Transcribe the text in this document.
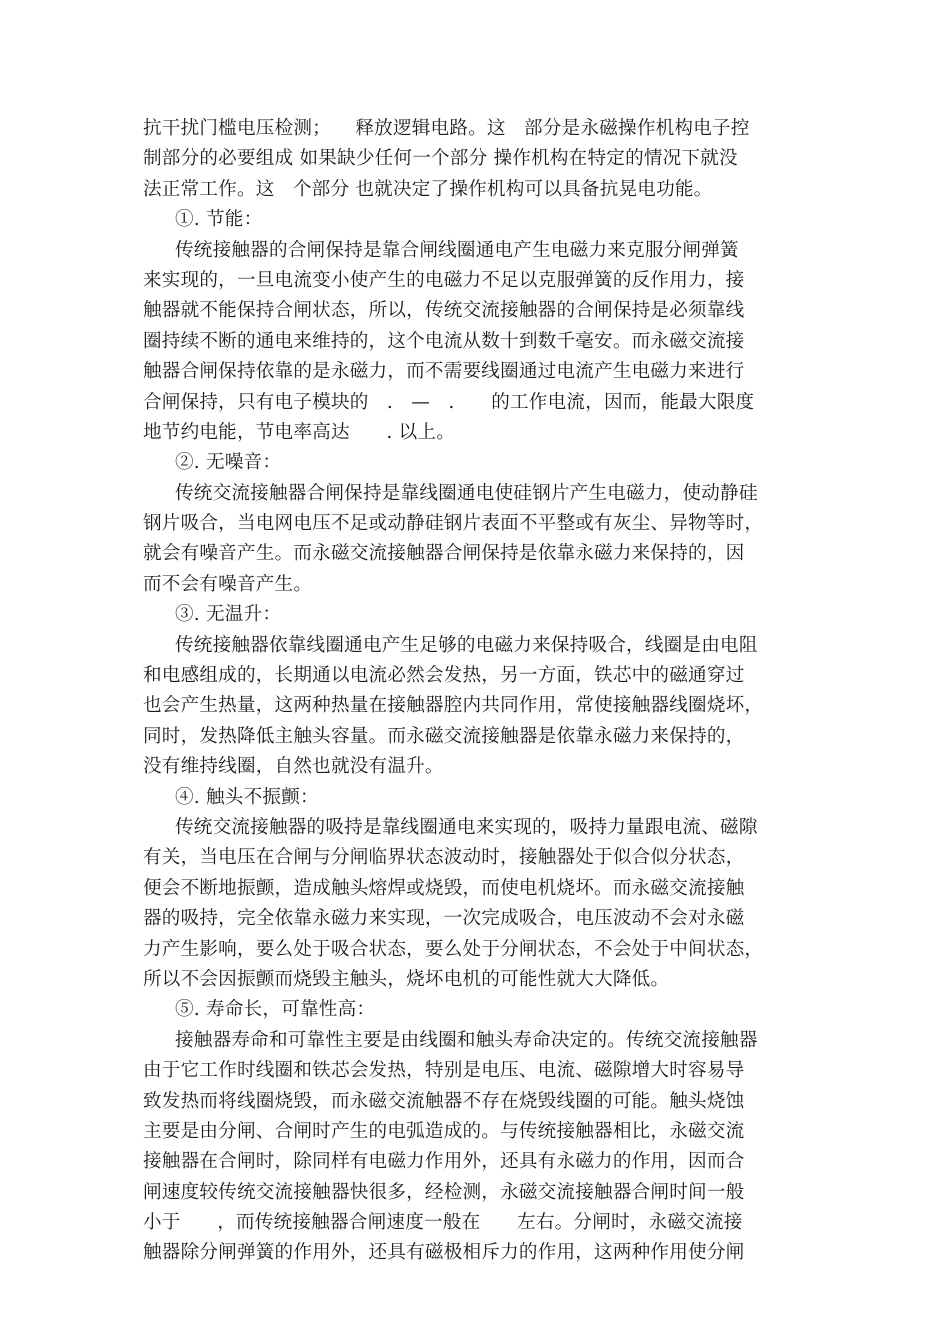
抗干扰门槛电压检测；    释放逻辑电路。这   部分是永磁操作机构电子控
制部分的必要组成 如果缺少任何一个部分 操作机构在特定的情况下就没
法正常工作。这   个部分 也就决定了操作机构可以具备抗晃电功能。
①. 节能：
传统接触器的合闸保持是靠合闸线圈通电产生电磁力来克服分闸弹簧
来实现的，一旦电流变小使产生的电磁力不足以克服弹簧的反作用力，接
触器就不能保持合闸状态，所以，传统交流接触器的合闸保持是必须靠线
圈持续不断的通电来维持的，这个电流从数十到数千毫安。而永磁交流接
触器合闸保持依靠的是永磁力，而不需要线圈通过电流产生电磁力来进行
合闸保持，只有电子模块的   .   —   .      的工作电流，因而，能最大限度
地节约电能，节电率高达      . 以上。
②. 无噪音：
传统交流接触器合闸保持是靠线圈通电使硅钢片产生电磁力，使动静硅
钢片吸合，当电网电压不足或动静硅钢片表面不平整或有灰尘、异物等时，
就会有噪音产生。而永磁交流接触器合闸保持是依靠永磁力来保持的，因
而不会有噪音产生。
③. 无温升：
传统接触器依靠线圈通电产生足够的电磁力来保持吸合，线圈是由电阻
和电感组成的，长期通以电流必然会发热，另一方面，铁芯中的磁通穿过
也会产生热量，这两种热量在接触器腔内共同作用，常使接触器线圈烧坏，
同时，发热降低主触头容量。而永磁交流接触器是依靠永磁力来保持的，
没有维持线圈，自然也就没有温升。
④. 触头不振颤：
传统交流接触器的吸持是靠线圈通电来实现的，吸持力量跟电流、磁隙
有关，当电压在合闸与分闸临界状态波动时，接触器处于似合似分状态，
便会不断地振颤，造成触头熔焊或烧毁，而使电机烧坏。而永磁交流接触
器的吸持，完全依靠永磁力来实现，一次完成吸合，电压波动不会对永磁
力产生影响，要么处于吸合状态，要么处于分闸状态，不会处于中间状态，
所以不会因振颤而烧毁主触头，烧坏电机的可能性就大大降低。
⑤. 寿命长，可靠性高：
接触器寿命和可靠性主要是由线圈和触头寿命决定的。传统交流接触器
由于它工作时线圈和铁芯会发热，特别是电压、电流、磁隙增大时容易导
致发热而将线圈烧毁，而永磁交流触器不存在烧毁线圈的可能。触头烧蚀
主要是由分闸、合闸时产生的电弧造成的。与传统接触器相比，永磁交流
接触器在合闸时，除同样有电磁力作用外，还具有永磁力的作用，因而合
闸速度较传统交流接触器快很多，经检测，永磁交流接触器合闸时间一般
小于      ，而传统接触器合闸速度一般在      左右。分闸时，永磁交流接
触器除分闸弹簧的作用外，还具有磁极相斥力的作用，这两种作用使分闸
